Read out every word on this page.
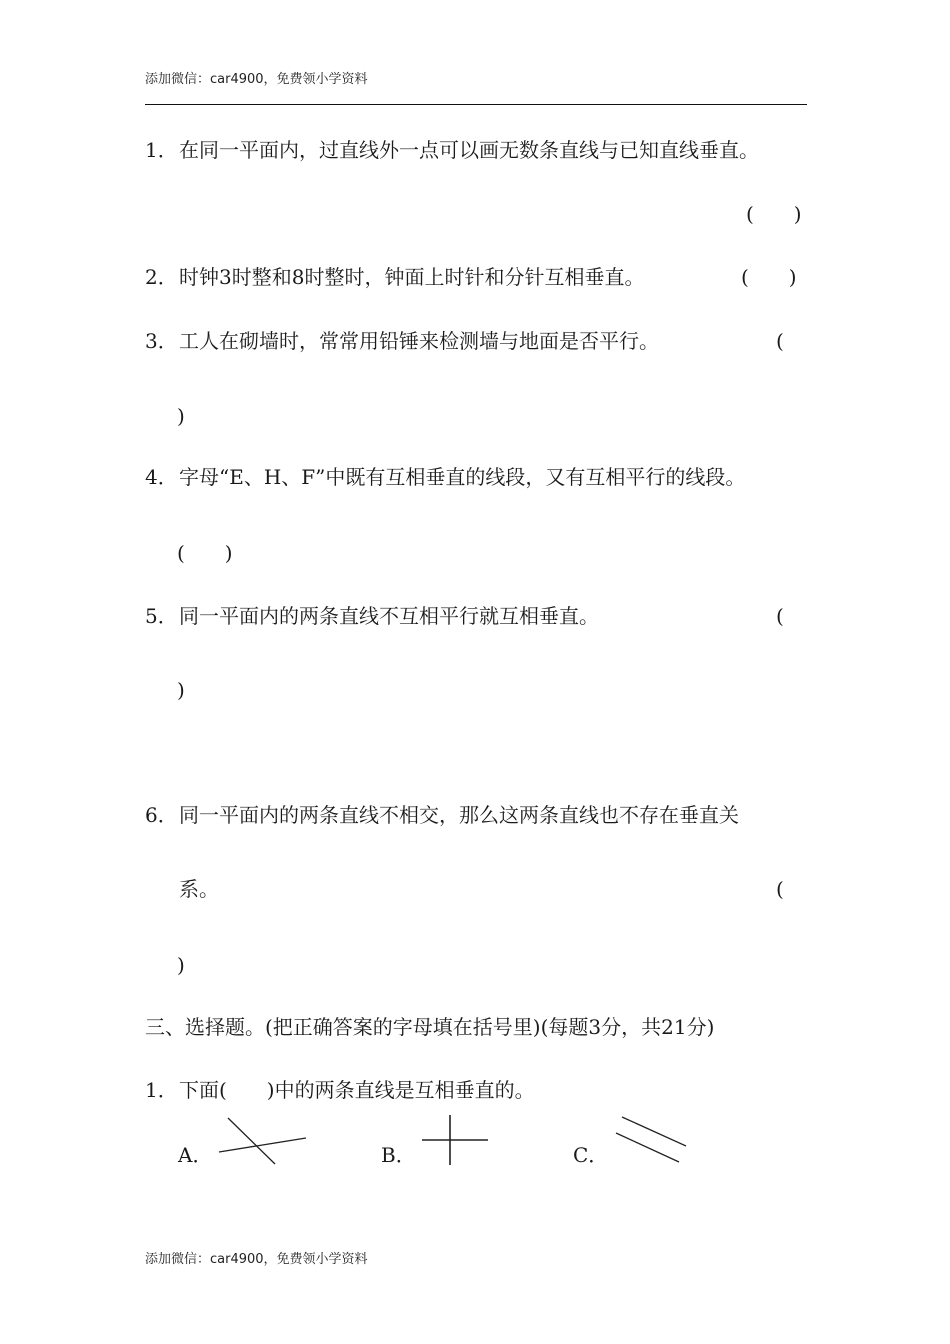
添加微信：car4900，免费领小学资料
1．在同一平面内，过直线外一点可以画无数条直线与已知直线垂直。
(　　)
2．时钟3时整和8时整时，钟面上时针和分针互相垂直。	(　　)
3．工人在砌墙时，常常用铅锤来检测墙与地面是否平行。	(
)
4．字母“E、H、F”中既有互相垂直的线段，又有互相平行的线段。
(　　)
5．同一平面内的两条直线不互相平行就互相垂直。	(
)
6．同一平面内的两条直线不相交，那么这两条直线也不存在垂直关
系。	(
)
三、选择题。(把正确答案的字母填在括号里)(每题3分，共21分)
1．下面(　　)中的两条直线是互相垂直的。
A．	B．	C．
添加微信：car4900，免费领小学资料
